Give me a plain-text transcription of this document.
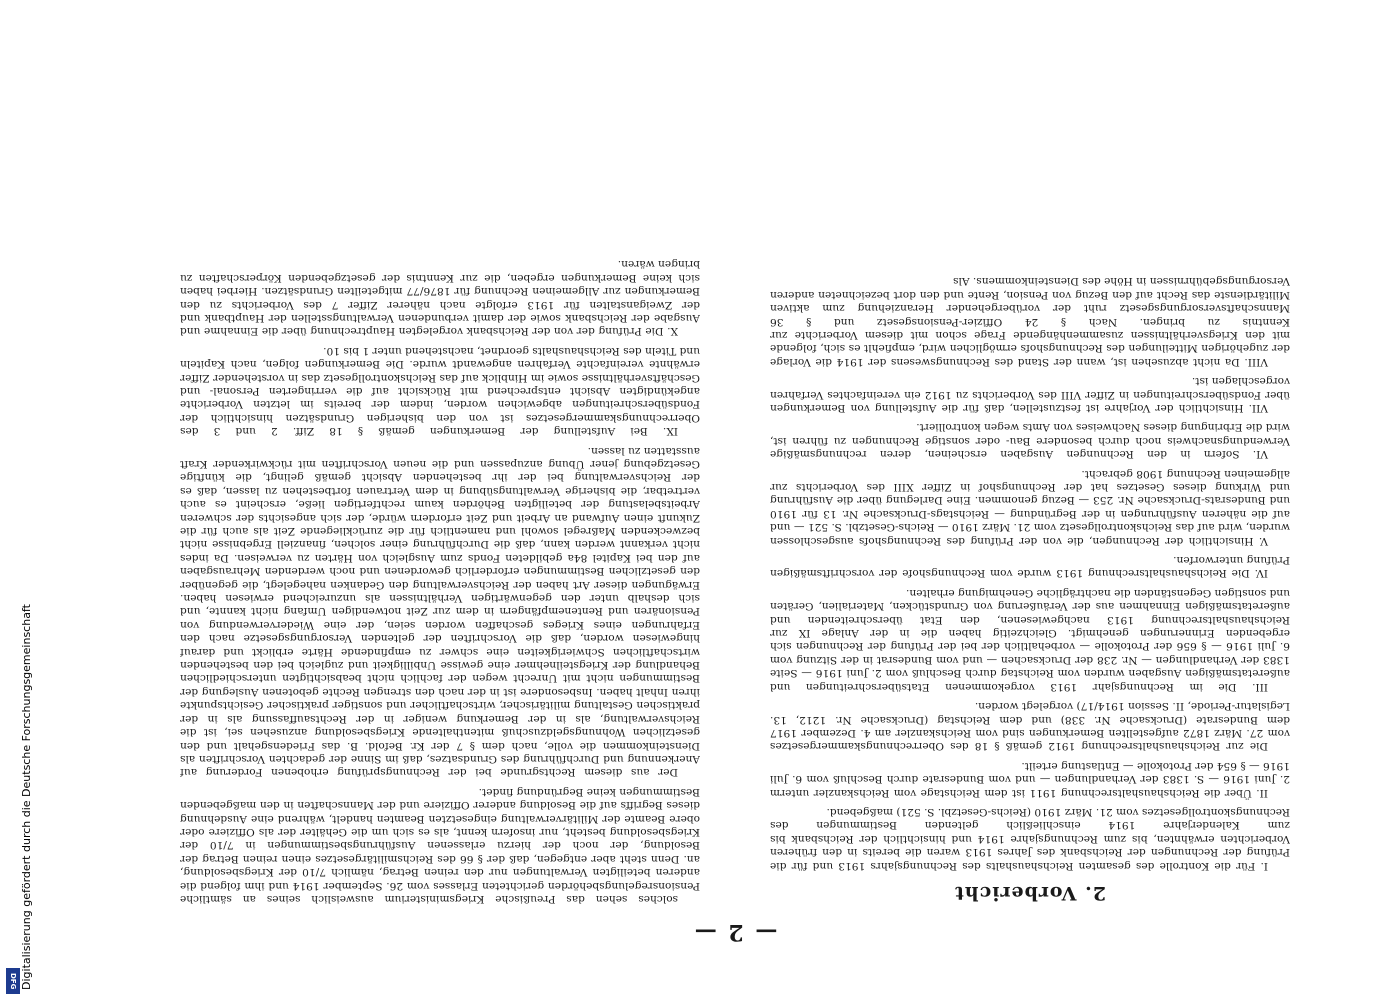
DFG Digitalisierung gefördert durch die Deutsche Forschungsgemeinschaft	— 2 —
2. Vorbericht

I. Für die Kontrolle des gesamten Reichshaushalts des Rechnungsjahrs 1913 und für die Prüfung der Rechnungen der Reichsbank des Jahres 1913 waren die bereits in den früheren Vorberichten erwähnten, bis zum Rechnungsjahre 1914 und hinsichtlich der Reichsbank bis zum Kalenderjahre 1914 einschließlich geltenden Bestimmungen des Rechnungskontrollgesetzes vom 21. März 1910 (Reichs-Gesetzbl. S. 521) maßgebend.

II. Über die Reichshaushaltsrechnung 1911 ist dem Reichstage vom Reichskanzler unterm 2. Juni 1916 — S. 1383 der Verhandlungen — und vom Bundesrate durch Beschluß vom 6. Juli 1916 — § 654 der Protokolle — Entlastung erteilt.

Die zur Reichshaushaltsrechnung 1912 gemäß § 18 des Oberrechnungskammergesetzes vom 27. März 1872 aufgestellten Bemerkungen sind vom Reichskanzler am 4. Dezember 1917 dem Bundesrate (Drucksache Nr. 338) und dem Reichstag (Drucksache Nr. 1212, 13. Legislatur-Periode, II. Session 1914/17) vorgelegt worden.

III. Die im Rechnungsjahr 1913 vorgekommenen Etatsüberschreitungen und außeretatsmäßigen Ausgaben wurden vom Reichstag durch Beschluß vom 2. Juni 1916 — Seite 1383 der Verhandlungen — Nr. 238 der Drucksachen — und vom Bundesrat in der Sitzung vom 6. Juli 1916 — § 656 der Protokolle — vorbehaltlich der bei der Prüfung der Rechnungen sich ergebenden Erinnerungen genehmigt. Gleichzeitig haben die in der Anlage IX zur Reichshaushaltsrechnung 1913 nachgewiesenen, den Etat überschreitenden und außeretatsmäßigen Einnahmen aus der Veräußerung von Grundstücken, Materialien, Geräten und sonstigen Gegenständen die nachträgliche Genehmigung erhalten.

IV. Die Reichshaushaltsrechnung 1913 wurde vom Rechnungshofe der vorschriftsmäßigen Prüfung unterworfen.

V. Hinsichtlich der Rechnungen, die von der Prüfung des Rechnungshofs ausgeschlossen wurden, wird auf das Reichskontrollgesetz vom 21. März 1910 — Reichs-Gesetzbl. S. 521 — und auf die näheren Ausführungen in der Begründung — Reichstags-Drucksache Nr. 13 für 1910 und Bundesrats-Drucksache Nr. 253 — Bezug genommen. Eine Darlegung über die Ausführung und Wirkung dieses Gesetzes hat der Rechnungshof in Ziffer XIII des Vorberichts zur allgemeinen Rechnung 1908 gebracht.

VI. Sofern in den Rechnungen Ausgaben erscheinen, deren rechnungsmäßige Verwendungsnachweis noch durch besondere Bau- oder sonstige Rechnungen zu führen ist, wird die Erbringung dieses Nachweises von Amts wegen kontrolliert.

VII. Hinsichtlich der Vorjahre ist festzustellen, daß für die Aufstellung von Bemerkungen über Fondsüberschreitungen in Ziffer VIII des Vorberichts zu 1912 ein vereinfachtes Verfahren vorgeschlagen ist.

VIII. Da nicht abzusehen ist, wann der Stand des Rechnungswesens der 1914 die Vorlage der zugehörigen Mitteilungen des Rechnungshofs ermöglichen wird, empfiehlt es sich, folgende mit den Kriegsverhältnissen zusammenhängende Frage schon mit diesem Vorberichte zur Kenntnis zu bringen. Nach § 24 Offizier-Pensionsgesetz und § 36 Mannschaftsversorgungsgesetz ruht der vorübergehender Heranziehung zum aktiven Militärdienste das Recht auf den Bezug von Pension, Rente und den dort bezeichneten anderen Versorgungsgebührnissen in Höhe des Diensteinkommens. Als

solches sehen das Preußische Kriegsministerium ausweislich seines an sämtliche Pensionsregelungsbehörden gerichteten Erlasses vom 26. September 1914 und ihm folgend die anderen beteiligten Verwaltungen nur den reinen Betrag, nämlich 7/10 der Kriegsbesoldung, an. Denn steht aber entgegen, daß der § 66 des Reichsmilitärgesetzes einen reinen Betrag der Besoldung, der noch der hierzu erlassenen Ausführungsbestimmungen in 7/10 der Kriegsbesoldung besteht, nur insofern kennt, als es sich um die Gehälter der als Offiziere oder obere Beamte der Militärverwaltung eingesetzten Beamten handelt, während eine Ausdehnung dieses Begriffs auf die Besoldung anderer Offiziere und der Mannschaften in den maßgebenden Bestimmungen keine Begründung findet.

Der aus diesem Rechtsgrunde bei der Rechnungsprüfung erhobenen Forderung auf Anerkennung und Durchführung des Grundsatzes, daß im Sinne der gedachten Vorschriften als Diensteinkommen die volle, nach dem § 7 der Kr. Befold. B. das Friedensgehalt und den gesetzlichen Wohnungsgeldzuschuß mitenthaltende Kriegsbesoldung anzusehen sei, ist die Reichsverwaltung, als in der Bemerkung weniger in der Rechtsauffassung als in der praktischen Gestaltung militärischer, wirtschaftlicher und sonstiger praktischer Gesichtspunkte ihren Inhalt haben. Insbesondere ist in der nach den strengen Rechte gebotenen Auslegung der Bestimmungen nicht mit Unrecht wegen der fachlich nicht beabsichtigten unterschiedlichen Behandlung der Kriegsteilnehmer eine gewisse Unbilligkeit und zugleich bei den bestehenden wirtschaftlichen Schwierigkeiten eine schwer zu empfindende Härte erblickt und darauf hingewiesen worden, daß die Vorschriften der geltenden Versorgungsgesetze nach den Erfahrungen eines Krieges geschaffen worden seien, der eine Wiederverwendung von Pensionären und Rentenempfängern in dem zur Zeit notwendigen Umfang nicht kannte, und sich deshalb unter den gegenwärtigen Verhältnissen als unzureichend erwiesen haben. Erwägungen dieser Art haben der Reichsverwaltung den Gedanken nahegelegt, die gegenüber den gesetzlichen Bestimmungen erforderlich gewordenen und noch werdenden Mehrausgaben auf den bei Kapitel 84a gebildeten Fonds zum Ausgleich von Härten zu verweisen. Da indes nicht verkannt werden kann, daß die Durchführung einer solchen, finanziell Ergebnisse nicht bezweckenden Maßregel sowohl und namentlich für die zurückliegende Zeit als auch für die Zukunft einen Aufwand an Arbeit und Zeit erfordern würde, der sich angesichts der schweren Arbeitsbelastung der beteiligten Behörden kaum rechtfertigen ließe, erscheint es auch vertretbar, die bisherige Verwaltungsübung in dem Vertrauen fortbestehen zu lassen, daß es der Reichsverwaltung bei der ihr bestehenden Absicht gemäß gelingt, die künftige Gesetzgebung jener Übung anzupassen und die neuen Vorschriften mit rückwirkender Kraft ausstatten zu lassen.

IX. Bei Aufstellung der Bemerkungen gemäß § 18 Ziff. 2 und 3 des Oberrechnungskammergesetzes ist von den bisherigen Grundsätzen hinsichtlich der Fondsüberschreitungen abgewichen worden, indem der bereits im letzten Vorberichte angekündigten Absicht entsprechend mit Rücksicht auf die verringerten Personal- und Geschäftsverhältnisse sowie im Hinblick auf das Reichskontrollgesetz das in vorstehender Ziffer erwähnte vereinfachte Verfahren angewandt wurde. Die Bemerkungen folgen, nach Kapiteln und Titeln des Reichshaushalts geordnet, nachstehend unter 1 bis 10.

X. Die Prüfung der von der Reichsbank vorgelegten Hauptrechnung über die Einnahme und Ausgabe der Reichsbank sowie der damit verbundenen Verwaltungsstellen der Hauptbank und der Zweiganstalten für 1913 erfolgte nach näherer Ziffer 7 des Vorberichts zu den Bemerkungen zur Allgemeinen Rechnung für 1876/77 mitgeteilten Grundsätzen. Hierbei haben sich keine Bemerkungen ergeben, die zur Kenntnis der gesetzgebenden Körperschaften zu bringen wären.
